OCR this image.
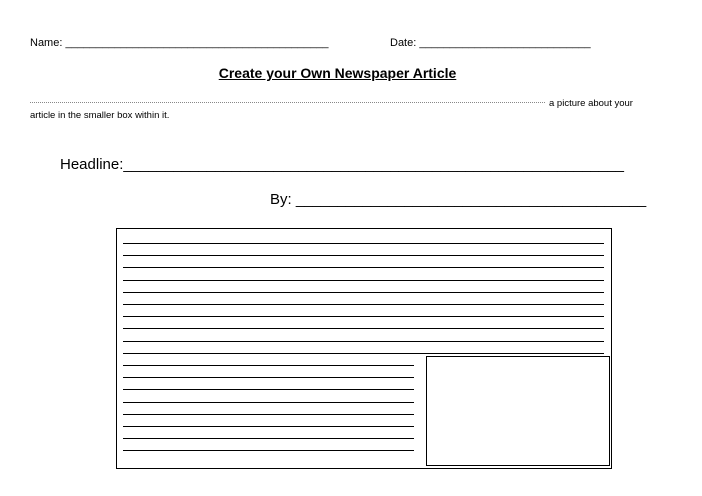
Name: ___________________________________________	Date: ____________________________
Create your Own Newspaper Article
a picture about your
article in the smaller box within it.
Headline:____________________________________________________________
By: __________________________________________
